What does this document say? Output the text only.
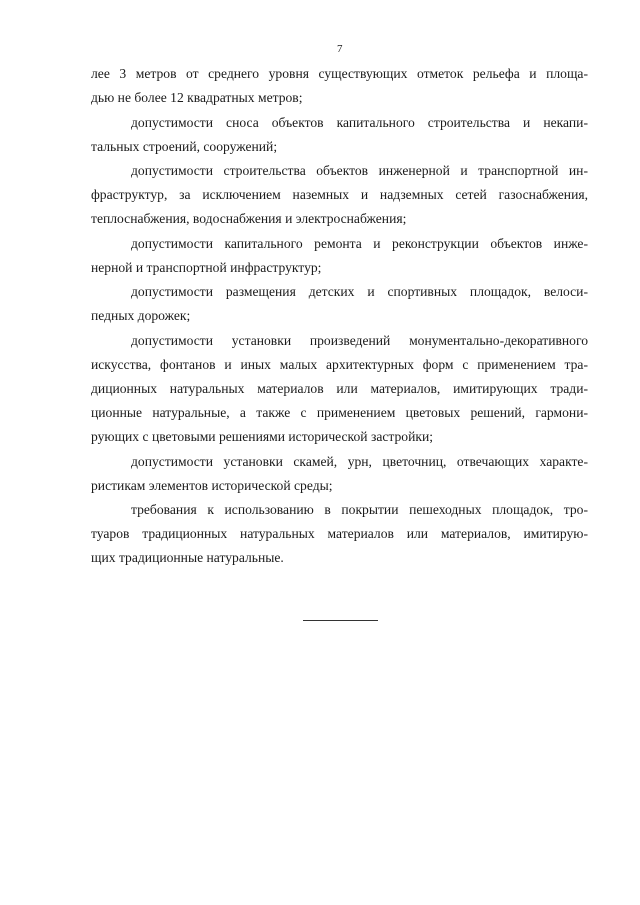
7
лее 3 метров от среднего уровня существующих отметок рельефа и площа-
дью не более 12 квадратных метров;
допустимости сноса объектов капитального строительства и некапи-
тальных строений, сооружений;
допустимости строительства объектов инженерной и транспортной ин-
фраструктур, за исключением наземных и надземных сетей газоснабжения,
теплоснабжения, водоснабжения и электроснабжения;
допустимости капитального ремонта и реконструкции объектов инже-
нерной и транспортной инфраструктур;
допустимости размещения детских и спортивных площадок, велоси-
педных дорожек;
допустимости установки произведений монументально-декоративного
искусства, фонтанов и иных малых архитектурных форм с применением тра-
диционных натуральных материалов или материалов, имитирующих тради-
ционные натуральные, а также с применением цветовых решений, гармони-
рующих с цветовыми решениями исторической застройки;
допустимости установки скамей, урн, цветочниц, отвечающих характе-
ристикам элементов исторической среды;
требования к использованию в покрытии пешеходных площадок, тро-
туаров традиционных натуральных материалов или материалов, имитирую-
щих традиционные натуральные.
